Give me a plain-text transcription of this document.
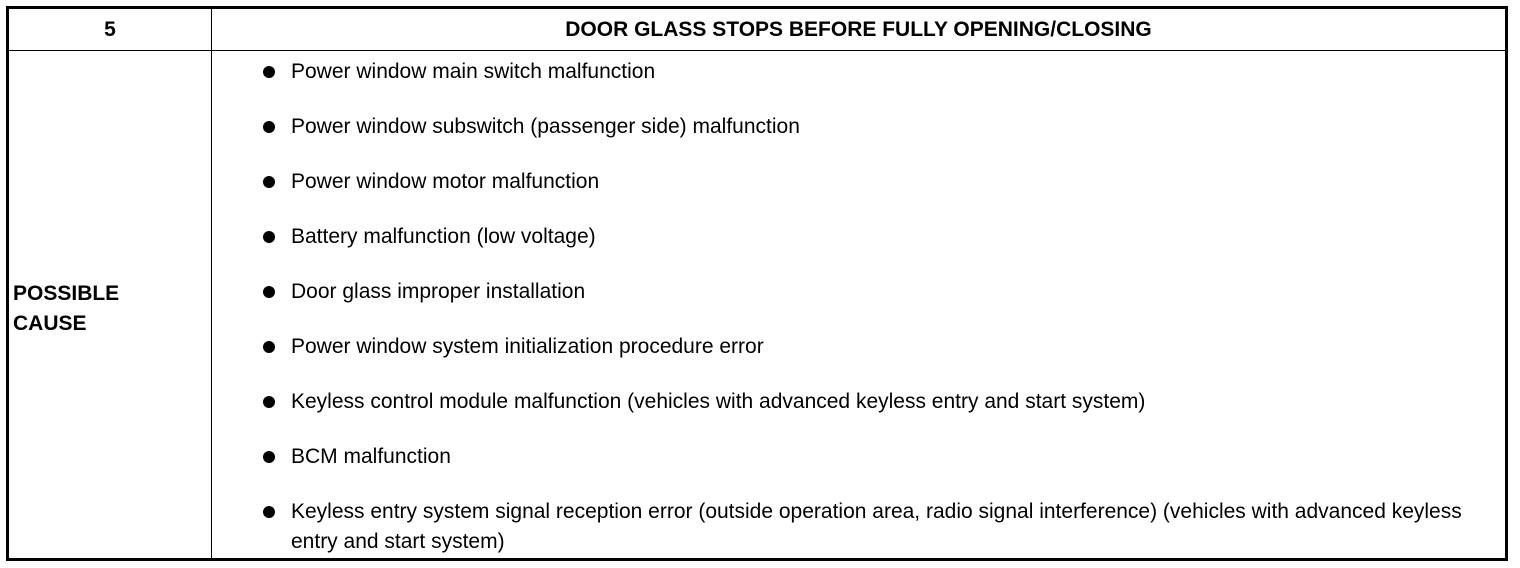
5	DOOR GLASS STOPS BEFORE FULLY OPENING/CLOSING
POSSIBLE
CAUSE
Power window main switch malfunction
Power window subswitch (passenger side) malfunction
Power window motor malfunction
Battery malfunction (low voltage)
Door glass improper installation
Power window system initialization procedure error
Keyless control module malfunction (vehicles with advanced keyless entry and start system)
BCM malfunction
Keyless entry system signal reception error (outside operation area, radio signal interference) (vehicles with advanced keyless entry and start system)
